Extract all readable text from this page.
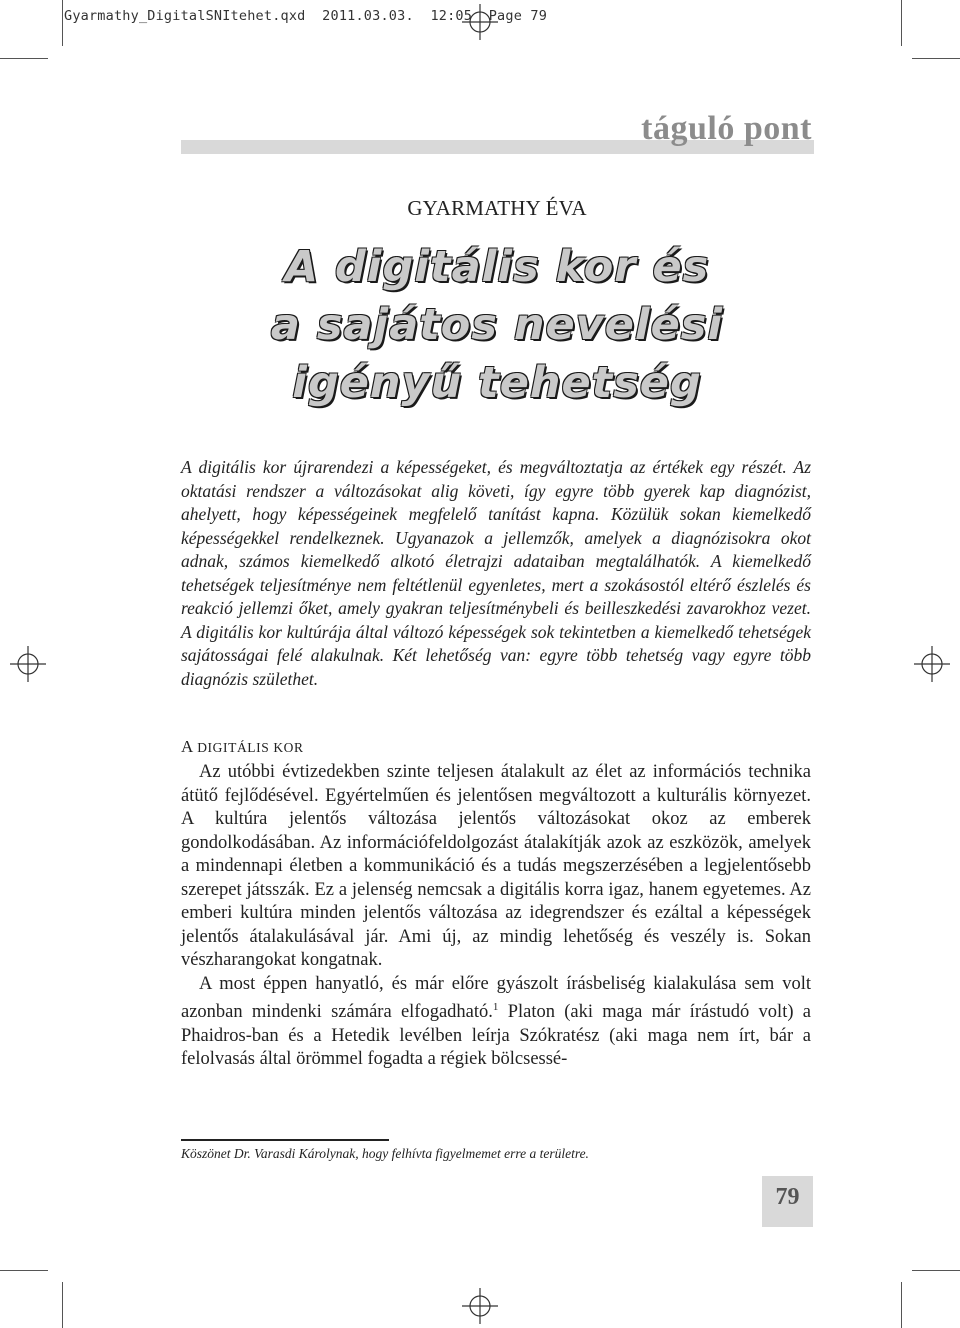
Gyarmathy_DigitalSNItehet.qxd 2011.03.03. 12:05 Page 79
táguló pont
GYARMATHY ÉVA
A digitális kor és
a sajátos nevelési
igényű tehetség

A digitális kor újrarendezi a képességeket, és megváltoztatja az értékek egy részét. Az oktatási rendszer a változásokat alig követi, így egyre több gyerek kap diagnózist, ahelyett, hogy képességeinek megfelelő tanítást kapna. Közülük sokan kiemelkedő képességekkel rendelkeznek. Ugyanazok a jellemzők, amelyek a diagnózisokra okot adnak, számos kiemelkedő alkotó életrajzi adataiban megtalálhatók. A kiemelkedő tehetségek teljesítménye nem feltétlenül egyenletes, mert a szokásostól eltérő észlelés és reakció jellemzi őket, amely gyakran teljesítménybeli és beilleszkedési zavarokhoz vezet. A digitális kor kultúrája által változó képességek sok tekintetben a kiemelkedő tehetségek sajátosságai felé alakulnak. Két lehetőség van: egyre több tehetség vagy egyre több diagnózis születhet.

A DIGITÁLIS KOR

Az utóbbi évtizedekben szinte teljesen átalakult az élet az információs technika átütő fejlődésével. Egyértelműen és jelentősen megváltozott a kulturális környezet. A kultúra jelentős változása jelentős változásokat okoz az emberek gondolkodásában. Az információfeldolgozást átalakítják azok az eszközök, amelyek a mindennapi életben a kommunikáció és a tudás megszerzésében a legjelentősebb szerepet játsszák. Ez a jelenség nemcsak a digitális korra igaz, hanem egyetemes. Az emberi kultúra minden jelentős változása az idegrendszer és ezáltal a képességek jelentős átalakulásával jár. Ami új, az mindig lehetőség és veszély is. Sokan vészharangokat kongatnak.

A most éppen hanyatló, és már előre gyászolt írásbeliség kialakulása sem volt azonban mindenki számára elfogadható.$^1$ Platon (aki maga már írástudó volt) a Phaidros-ban és a Hetedik levélben leírja Szókratész (aki maga nem írt, bár a felolvasás által örömmel fogadta a régiek bölcsessé-

Köszönet Dr. Varasdi Károlynak, hogy felhívta figyelmemet erre a területre.
79
